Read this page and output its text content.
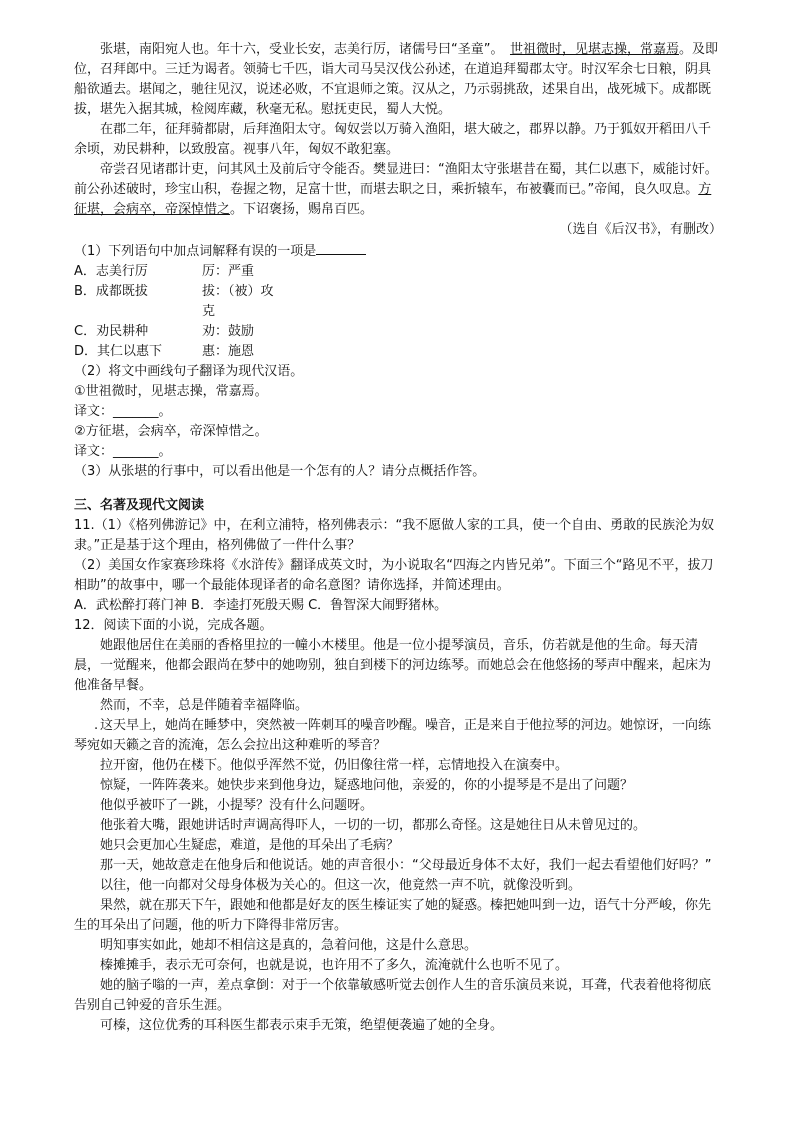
张堪，南阳宛人也。年十六，受业长安，志美行厉，诸儒号曰“圣童”。　世祖微时，见堪志操，常嘉焉。及即位，召拜郎中。三迁为谒者。领骑七千匹，诣大司马吴汉伐公孙述，在道追拜蜀郡太守。时汉军余七日粮，阴具船欲遁去。堪闻之，驰往见汉，说述必败，不宜退师之策。汉从之，乃示弱挑敌，述果自出，战死城下。成都既拔，堪先入据其城，检阅库藏，秋毫无私。慰抚吏民，蜀人大悦。

在郡二年，征拜骑都尉，后拜渔阳太守。匈奴尝以万骑入渔阳，堪大破之，郡界以静。乃于狐奴开稻田八千余顷，劝民耕种，以致殷富。视事八年，匈奴不敢犯塞。

帝尝召见诸郡计吏，问其风土及前后守令能否。樊显进曰：“渔阳太守张堪昔在蜀，其仁以惠下，威能讨奸。前公孙述破时，珍宝山积，卷握之物，足富十世，而堪去职之日，乘折辕车，布被囊而已。”帝闻，良久叹息。方征堪，会病卒，帝深悼惜之。下诏褒扬，赐帛百匹。

（选自《后汉书》，有删改）

（1）下列语句中加点词解释有误的一项是

A．志美行厉	厉：严重
B．成都既拔	拔：（被）攻
克
C．劝民耕种	劝：鼓励
D．其仁以惠下	惠：施恩

（2）将文中画线句子翻译为现代汉语。

①世祖微时，见堪志操，常嘉焉。

译文：_______。

②方征堪，会病卒，帝深悼惜之。

译文：_______。

（3）从张堪的行事中，可以看出他是一个怎有的人？请分点概括作答。

三、名著及现代文阅读

11.（1）《格列佛游记》中，在利立浦特，格列佛表示：“我不愿做人家的工具，使一个自由、勇敢的民族沦为奴隶。”正是基于这个理由，格列佛做了一件什么事？

（2）美国女作家赛珍珠将《水浒传》翻译成英文时，为小说取名“四海之内皆兄弟”。下面三个“路见不平，拔刀相助”的故事中，哪一个最能体现译者的命名意图？请你选择，并简述理由。

A．武松醉打蒋门神 B．李逵打死殷天赐 C．鲁智深大闹野猪林。

12．阅读下面的小说，完成各题。

她跟他居住在美丽的香格里拉的一幢小木楼里。他是一位小提琴演员，音乐，仿若就是他的生命。每天清晨，一觉醒来，他都会跟尚在梦中的她吻别，独自到楼下的河边练琴。而她总会在他悠扬的琴声中醒来，起床为他准备早餐。

然而，不幸，总是伴随着幸福降临。

. 这天早上，她尚在睡梦中，突然被一阵刺耳的噪音吵醒。噪音，正是来自于他拉琴的河边。她惊讶，一向练琴宛如天籁之音的流淹，怎么会拉出这种难听的琴音？

拉开窗，他仍在楼下。他似乎浑然不觉，仍旧像往常一样，忘情地投入在演奏中。

惊疑，一阵阵袭来。她快步来到他身边，疑惑地问他，亲爱的，你的小提琴是不是出了问题？

他似乎被吓了一跳，小提琴？没有什么问题呀。

他张着大嘴，跟她讲话时声调高得吓人，一切的一切，都那么奇怪。这是她往日从未曾见过的。

她只会更加心生疑虑，难道，是他的耳朵出了毛病？

那一天，她故意走在他身后和他说话。她的声音很小：“父母最近身体不太好，我们一起去看望他们好吗？”

以往，他一向都对父母身体极为关心的。但这一次，他竟然一声不吭，就像没听到。

果然，就在那天下午，跟她和他都是好友的医生榛证实了她的疑惑。榛把她叫到一边，语气十分严峻，你先生的耳朵出了问题，他的听力下降得非常厉害。

明知事实如此，她却不相信这是真的，急着问他，这是什么意思。

榛摊摊手，表示无可奈何，也就是说，也许用不了多久，流淹就什么也听不见了。

她的脑子嗡的一声，差点拿倒：对于一个依靠敏感听觉去创作人生的音乐演员来说，耳聋，代表着他将彻底告别自己钟爱的音乐生涯。

可榛，这位优秀的耳科医生都表示束手无策，绝望便袭遍了她的全身。
